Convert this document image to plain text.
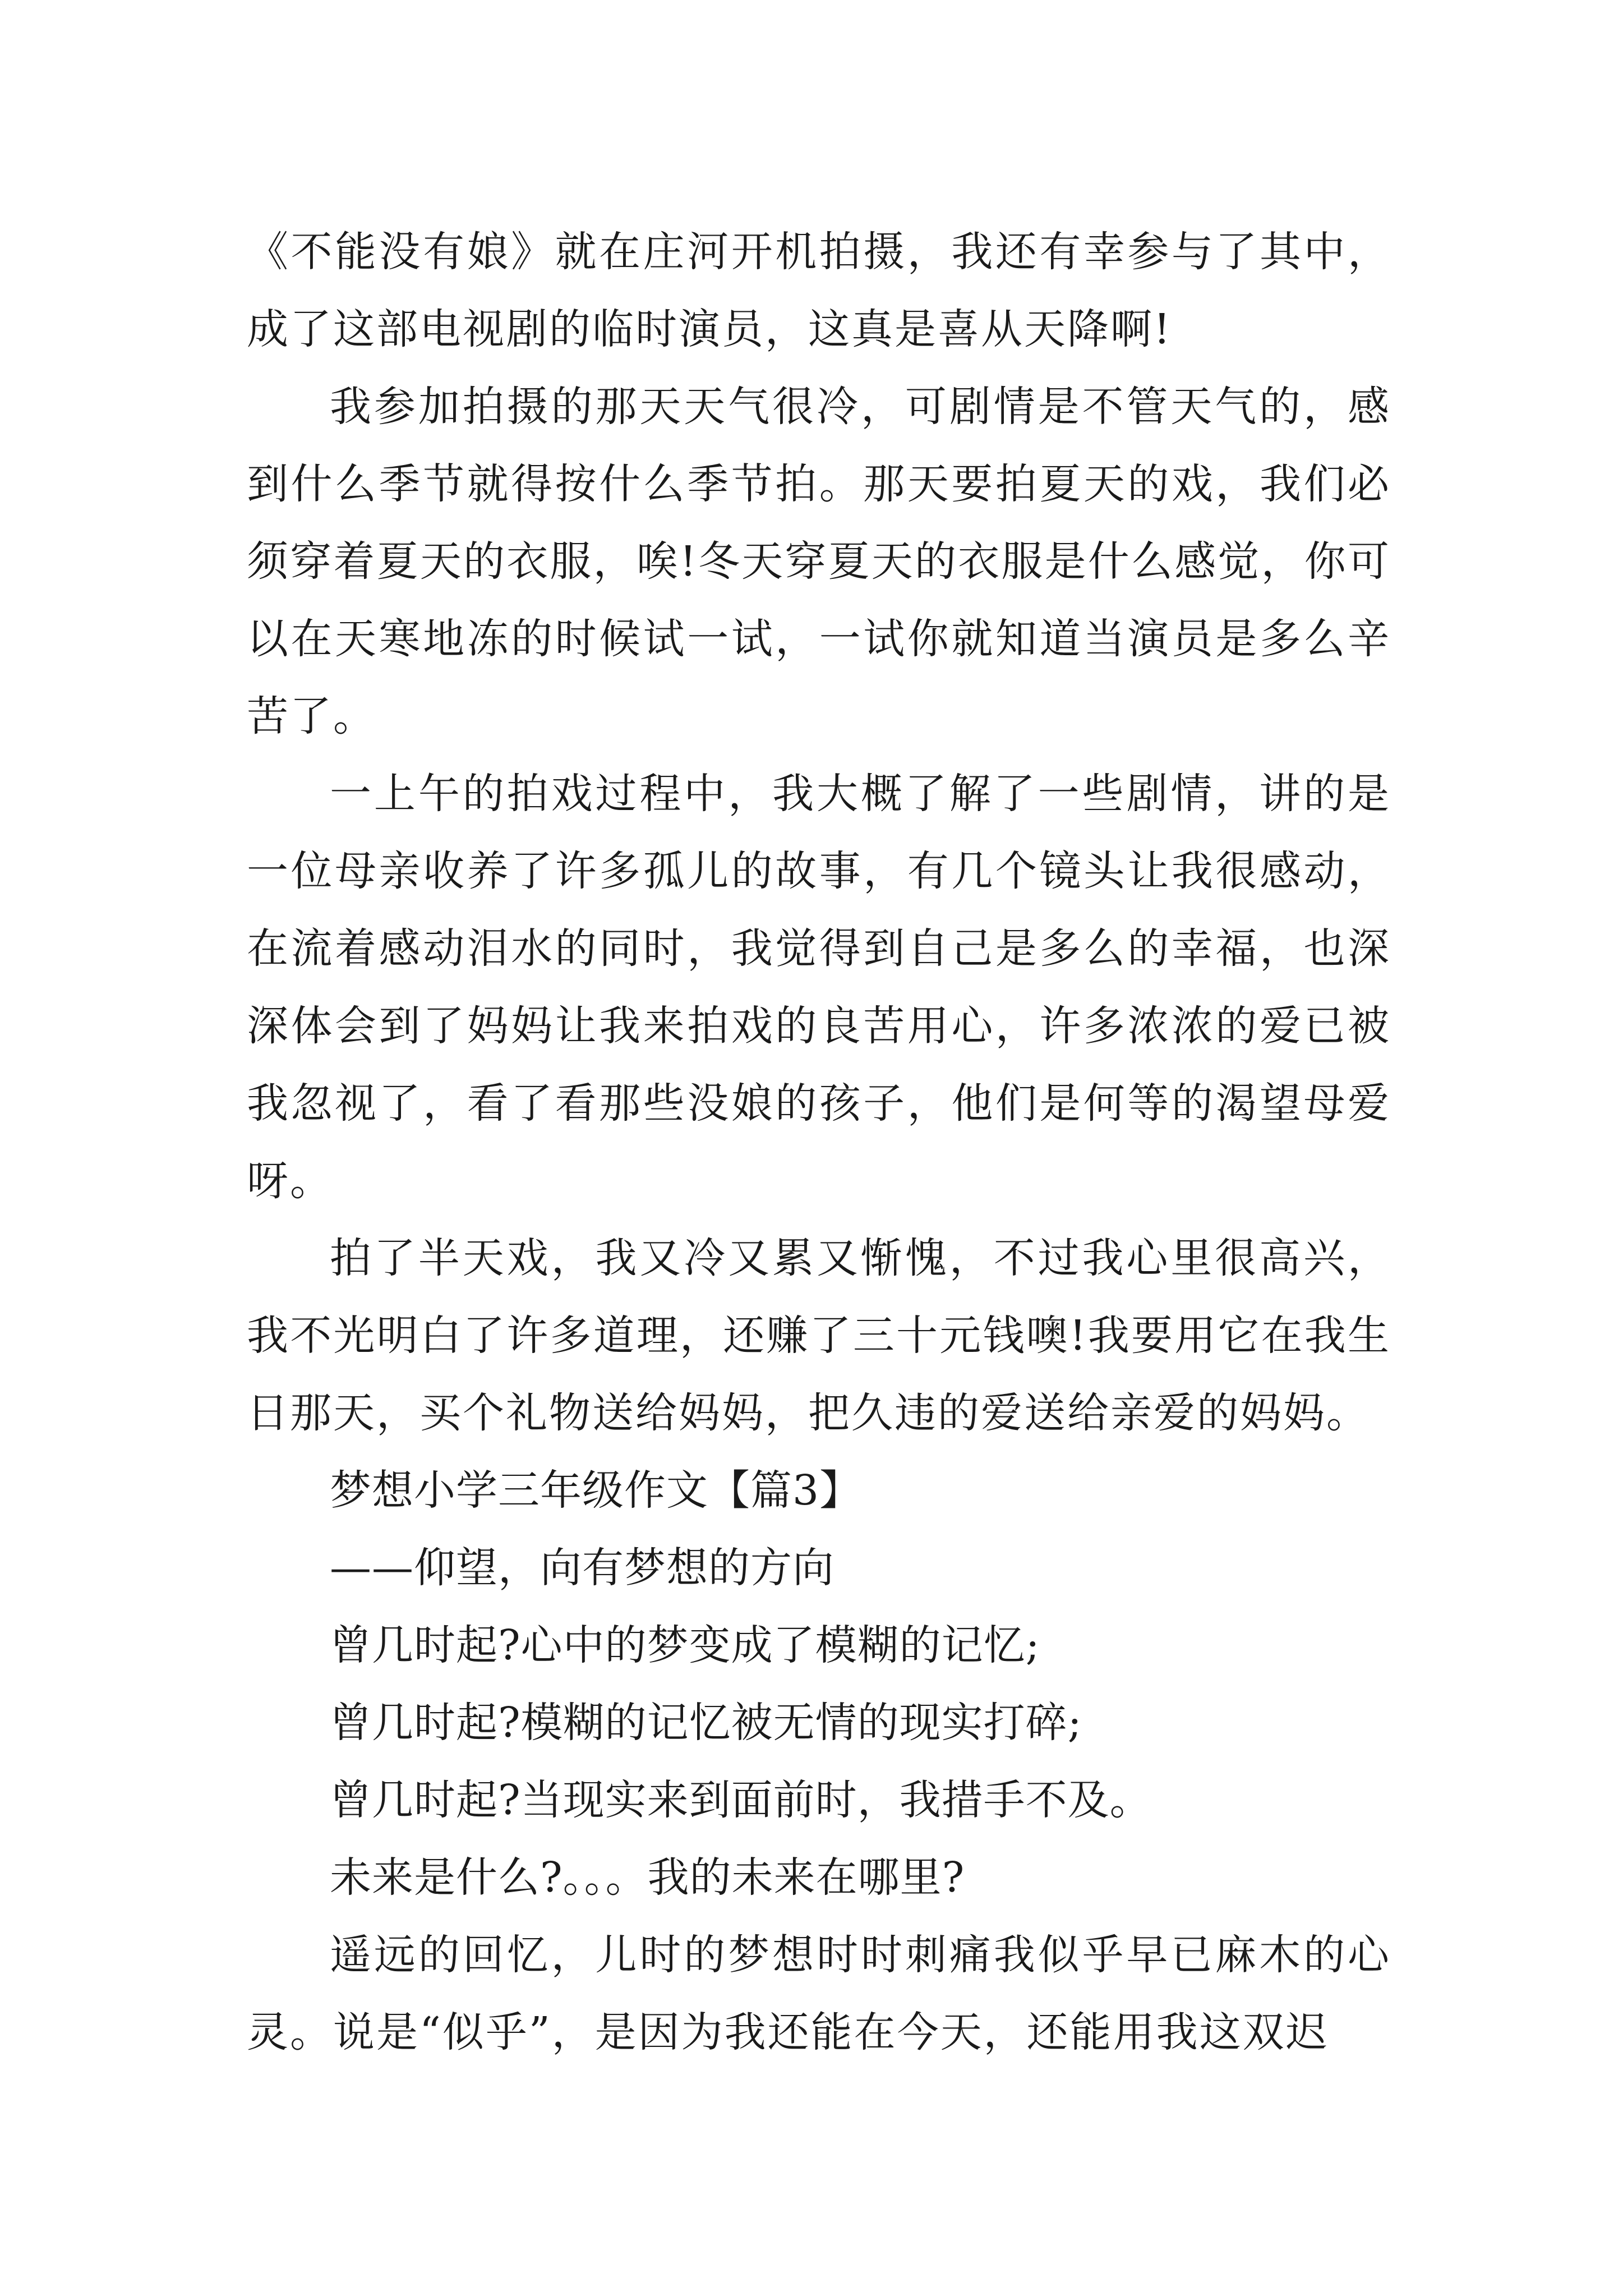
《不能没有娘》就在庄河开机拍摄，我还有幸参与了其中，成了这部电视剧的临时演员，这真是喜从天降啊!

我参加拍摄的那天天气很冷，可剧情是不管天气的，感到什么季节就得按什么季节拍。那天要拍夏天的戏，我们必须穿着夏天的衣服，唉!冬天穿夏天的衣服是什么感觉，你可以在天寒地冻的时候试一试，一试你就知道当演员是多么辛苦了。

一上午的拍戏过程中，我大概了解了一些剧情，讲的是一位母亲收养了许多孤儿的故事，有几个镜头让我很感动，在流着感动泪水的同时，我觉得到自己是多么的幸福，也深深体会到了妈妈让我来拍戏的良苦用心，许多浓浓的爱已被我忽视了，看了看那些没娘的孩子，他们是何等的渴望母爱呀。

拍了半天戏，我又冷又累又惭愧，不过我心里很高兴，我不光明白了许多道理，还赚了三十元钱噢!我要用它在我生日那天，买个礼物送给妈妈，把久违的爱送给亲爱的妈妈。

梦想小学三年级作文【篇3】

——仰望，向有梦想的方向

曾几时起?心中的梦变成了模糊的记忆;

曾几时起?模糊的记忆被无情的现实打碎;

曾几时起?当现实来到面前时，我措手不及。

未来是什么?。。。我的未来在哪里?

遥远的回忆，儿时的梦想时时刺痛我似乎早已麻木的心灵。说是“似乎”，是因为我还能在今天，还能用我这双迟
